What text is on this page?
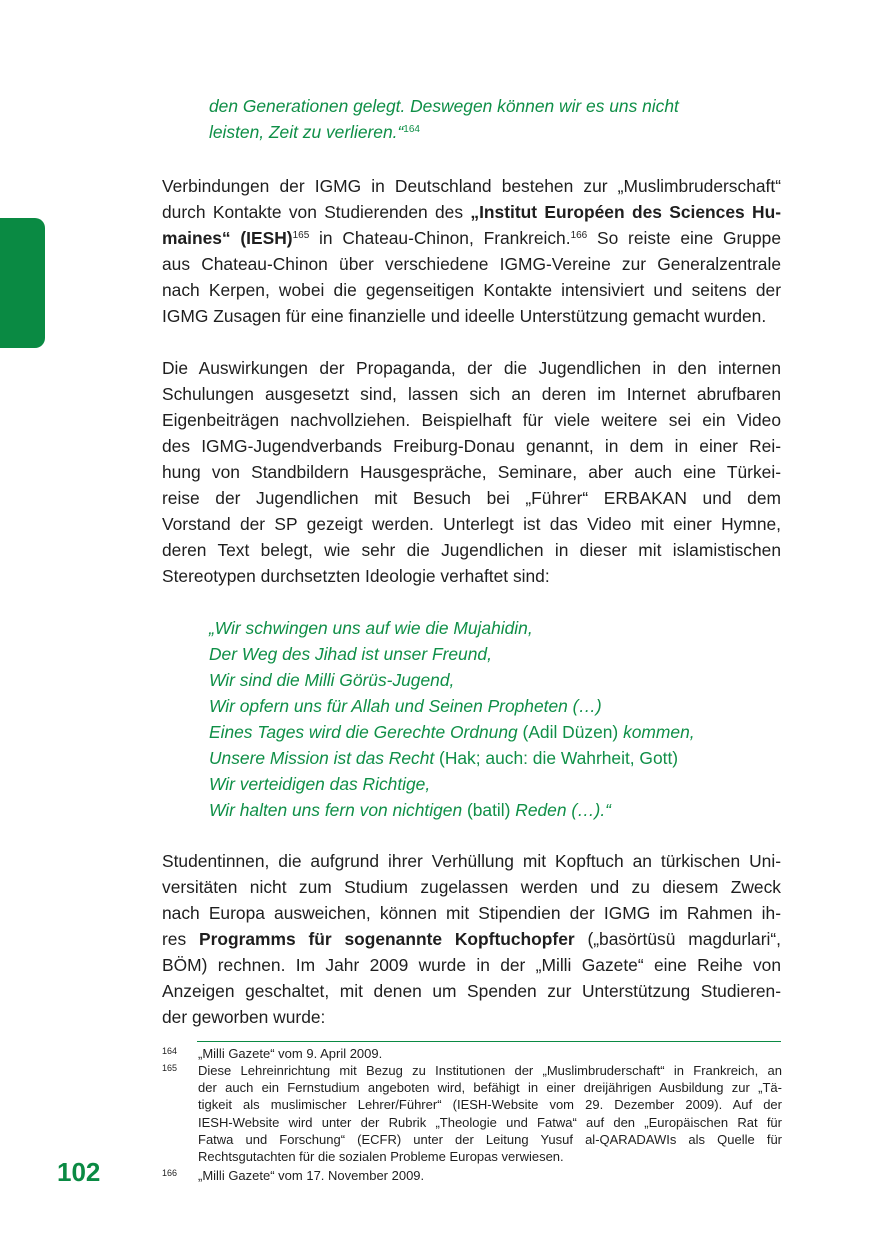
den Generationen gelegt. Deswegen können wir es uns nicht
leisten, Zeit zu verlieren.“$^{164}$
Verbindungen der IGMG in Deutschland bestehen zur „Muslimbruderschaft“
durch Kontakte von Studierenden des „Institut Européen des Sciences Hu-
maines“ (IESH)$^{165}$ in Chateau-Chinon, Frankreich.$^{166}$ So reiste eine Gruppe
aus Chateau-Chinon über verschiedene IGMG-Vereine zur Generalzentrale
nach Kerpen, wobei die gegenseitigen Kontakte intensiviert und seitens der
IGMG Zusagen für eine finanzielle und ideelle Unterstützung gemacht wurden.
Die Auswirkungen der Propaganda, der die Jugendlichen in den internen
Schulungen ausgesetzt sind, lassen sich an deren im Internet abrufbaren
Eigenbeiträgen nachvollziehen. Beispielhaft für viele weitere sei ein Video
des IGMG-Jugendverbands Freiburg-Donau genannt, in dem in einer Rei-
hung von Standbildern Hausgespräche, Seminare, aber auch eine Türkei-
reise der Jugendlichen mit Besuch bei „Führer“ ERBAKAN und dem
Vorstand der SP gezeigt werden. Unterlegt ist das Video mit einer Hymne,
deren Text belegt, wie sehr die Jugendlichen in dieser mit islamistischen
Stereotypen durchsetzten Ideologie verhaftet sind:
„Wir schwingen uns auf wie die Mujahidin,
Der Weg des Jihad ist unser Freund,
Wir sind die Milli Görüs-Jugend,
Wir opfern uns für Allah und Seinen Propheten (…)
Eines Tages wird die Gerechte Ordnung (Adil Düzen) kommen,
Unsere Mission ist das Recht (Hak; auch: die Wahrheit, Gott)
Wir verteidigen das Richtige,
Wir halten uns fern von nichtigen (batil) Reden (…).“
Studentinnen, die aufgrund ihrer Verhüllung mit Kopftuch an türkischen Uni-
versitäten nicht zum Studium zugelassen werden und zu diesem Zweck
nach Europa ausweichen, können mit Stipendien der IGMG im Rahmen ih-
res Programms für sogenannte Kopftuchopfer („basörtüsü magdurlari“,
BÖM) rechnen. Im Jahr 2009 wurde in der „Milli Gazete“ eine Reihe von
Anzeigen geschaltet, mit denen um Spenden zur Unterstützung Studieren-
der geworben wurde:
164 „Milli Gazete“ vom 9. April 2009.
165 Diese Lehreinrichtung mit Bezug zu Institutionen der „Muslimbruderschaft“ in Frankreich, an
der auch ein Fernstudium angeboten wird, befähigt in einer dreijährigen Ausbildung zur „Tä-
tigkeit als muslimischer Lehrer/Führer“ (IESH-Website vom 29. Dezember 2009). Auf der
IESH-Website wird unter der Rubrik „Theologie und Fatwa“ auf den „Europäischen Rat für
Fatwa und Forschung“ (ECFR) unter der Leitung Yusuf al-QARADAWIs als Quelle für
Rechtsgutachten für die sozialen Probleme Europas verwiesen.
166 „Milli Gazete“ vom 17. November 2009.
102
